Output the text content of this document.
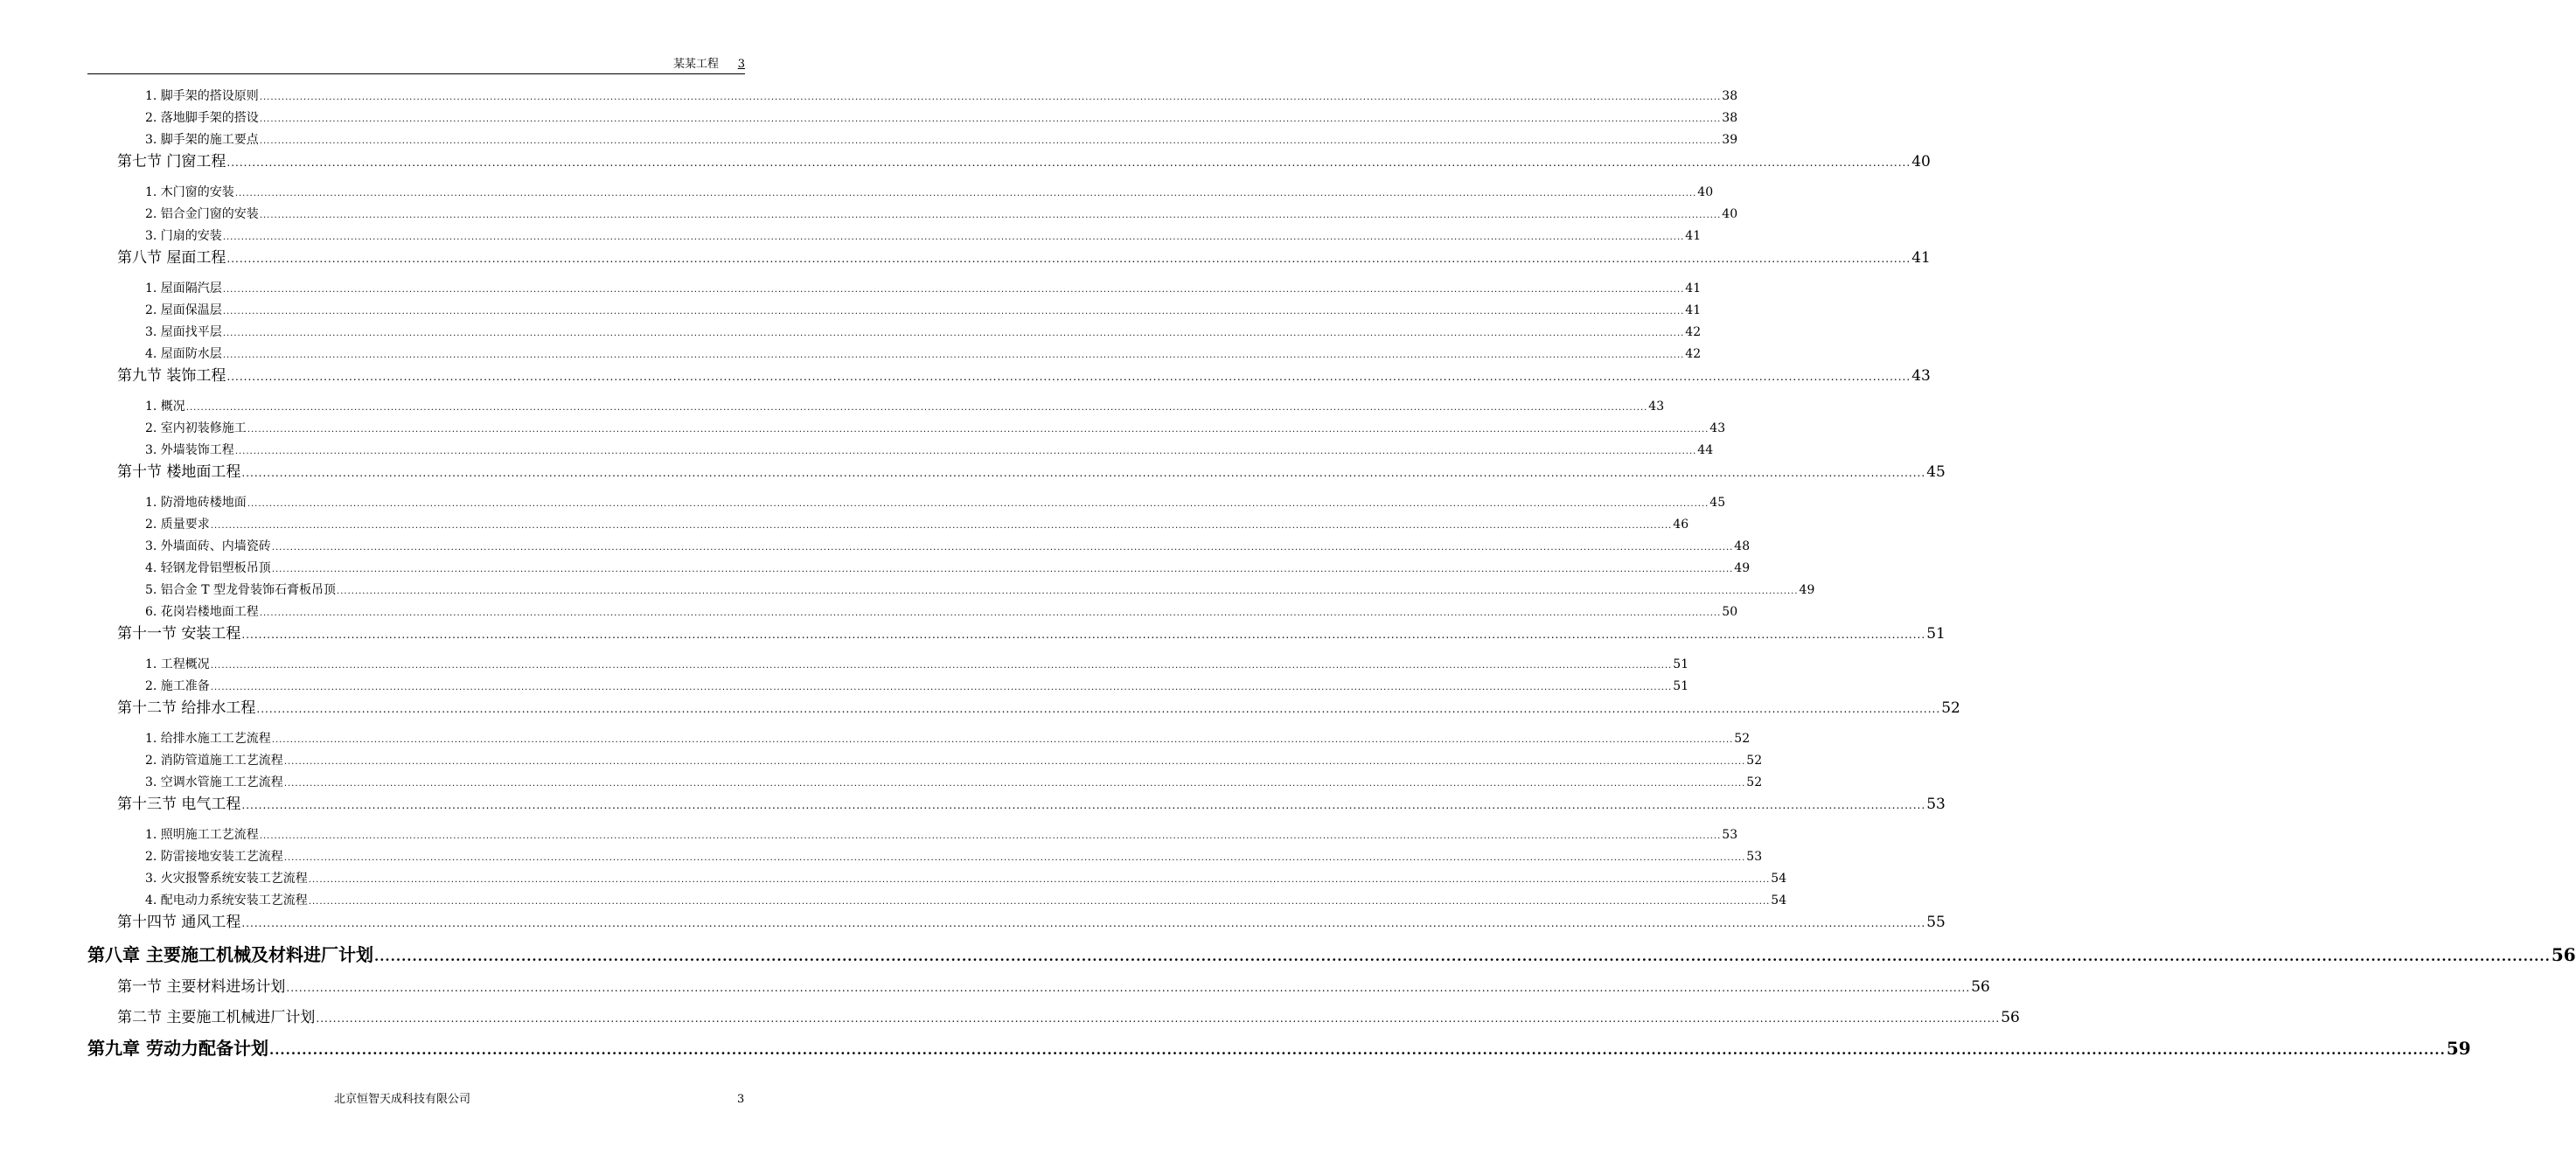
某某工程 3
1. 脚手架的搭设原则 ................................................................................................................................................................................................................................................................................................................................................................................................................ 38
2. 落地脚手架的搭设 ................................................................................................................................................................................................................................................................................................................................................................................................................ 38
3. 脚手架的施工要点 ................................................................................................................................................................................................................................................................................................................................................................................................................ 39
第七节 门窗工程 ................................................................................................................................................................................................................................................................................................................................................................................................................ 40
1. 木门窗的安装 ................................................................................................................................................................................................................................................................................................................................................................................................................ 40
2. 铝合金门窗的安装 ................................................................................................................................................................................................................................................................................................................................................................................................................ 40
3. 门扇的安装 ................................................................................................................................................................................................................................................................................................................................................................................................................ 41
第八节 屋面工程 ................................................................................................................................................................................................................................................................................................................................................................................................................ 41
1. 屋面隔汽层 ................................................................................................................................................................................................................................................................................................................................................................................................................ 41
2. 屋面保温层 ................................................................................................................................................................................................................................................................................................................................................................................................................ 41
3. 屋面找平层 ................................................................................................................................................................................................................................................................................................................................................................................................................ 42
4. 屋面防水层 ................................................................................................................................................................................................................................................................................................................................................................................................................ 42
第九节 装饰工程 ................................................................................................................................................................................................................................................................................................................................................................................................................ 43
1. 概况 ................................................................................................................................................................................................................................................................................................................................................................................................................ 43
2. 室内初装修施工 ................................................................................................................................................................................................................................................................................................................................................................................................................ 43
3. 外墙装饰工程 ................................................................................................................................................................................................................................................................................................................................................................................................................ 44
第十节 楼地面工程 ................................................................................................................................................................................................................................................................................................................................................................................................................ 45
1. 防滑地砖楼地面 ................................................................................................................................................................................................................................................................................................................................................................................................................ 45
2. 质量要求 ................................................................................................................................................................................................................................................................................................................................................................................................................ 46
3. 外墙面砖、内墙瓷砖 ................................................................................................................................................................................................................................................................................................................................................................................................................ 48
4. 轻钢龙骨铝塑板吊顶 ................................................................................................................................................................................................................................................................................................................................................................................................................ 49
5. 铝合金 T 型龙骨装饰石膏板吊顶 ................................................................................................................................................................................................................................................................................................................................................................................................................ 49
6. 花岗岩楼地面工程 ................................................................................................................................................................................................................................................................................................................................................................................................................ 50
第十一节 安装工程 ................................................................................................................................................................................................................................................................................................................................................................................................................ 51
1. 工程概况 ................................................................................................................................................................................................................................................................................................................................................................................................................ 51
2. 施工准备 ................................................................................................................................................................................................................................................................................................................................................................................................................ 51
第十二节 给排水工程 ................................................................................................................................................................................................................................................................................................................................................................................................................ 52
1. 给排水施工工艺流程 ................................................................................................................................................................................................................................................................................................................................................................................................................ 52
2. 消防管道施工工艺流程 ................................................................................................................................................................................................................................................................................................................................................................................................................ 52
3. 空调水管施工工艺流程 ................................................................................................................................................................................................................................................................................................................................................................................................................ 52
第十三节 电气工程 ................................................................................................................................................................................................................................................................................................................................................................................................................ 53
1. 照明施工工艺流程 ................................................................................................................................................................................................................................................................................................................................................................................................................ 53
2. 防雷接地安装工艺流程 ................................................................................................................................................................................................................................................................................................................................................................................................................ 53
3. 火灾报警系统安装工艺流程 ................................................................................................................................................................................................................................................................................................................................................................................................................ 54
4. 配电动力系统安装工艺流程 ................................................................................................................................................................................................................................................................................................................................................................................................................ 54
第十四节 通风工程 ................................................................................................................................................................................................................................................................................................................................................................................................................ 55
第八章 主要施工机械及材料进厂计划 ................................................................................................................................................................................................................................................................................................................................................................................................................ 56
第一节 主要材料进场计划 ................................................................................................................................................................................................................................................................................................................................................................................................................ 56
第二节 主要施工机械进厂计划 ................................................................................................................................................................................................................................................................................................................................................................................................................ 56
第九章 劳动力配备计划 ................................................................................................................................................................................................................................................................................................................................................................................................................ 59
北京恒智天成科技有限公司	3
